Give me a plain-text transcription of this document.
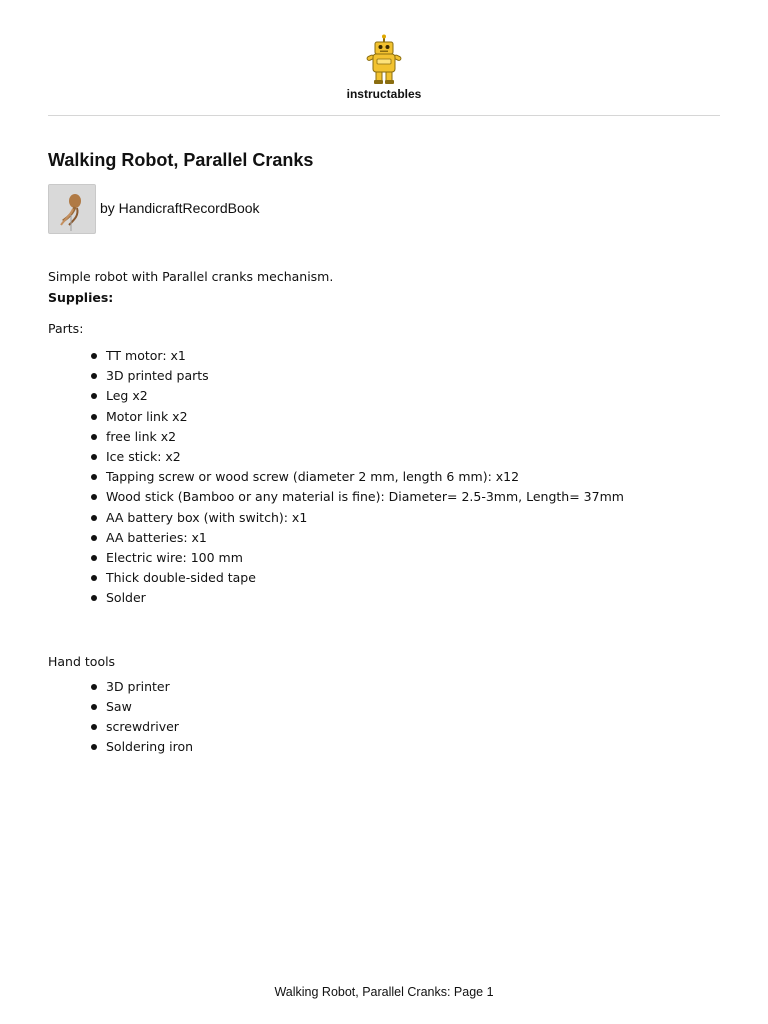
instructables
Walking Robot, Parallel Cranks
by HandicraftRecordBook

Simple robot with Parallel cranks mechanism.

Supplies:

Parts:

TT motor: x1
3D printed parts
Leg x2
Motor link x2
free link x2
Ice stick: x2
Tapping screw or wood screw (diameter 2 mm, length 6 mm): x12
Wood stick (Bamboo or any material is fine): Diameter= 2.5-3mm, Length= 37mm
AA battery box (with switch): x1
AA batteries: x1
Electric wire: 100 mm
Thick double-sided tape
Solder

Hand tools

3D printer
Saw
screwdriver
Soldering iron
Walking Robot, Parallel Cranks: Page 1
